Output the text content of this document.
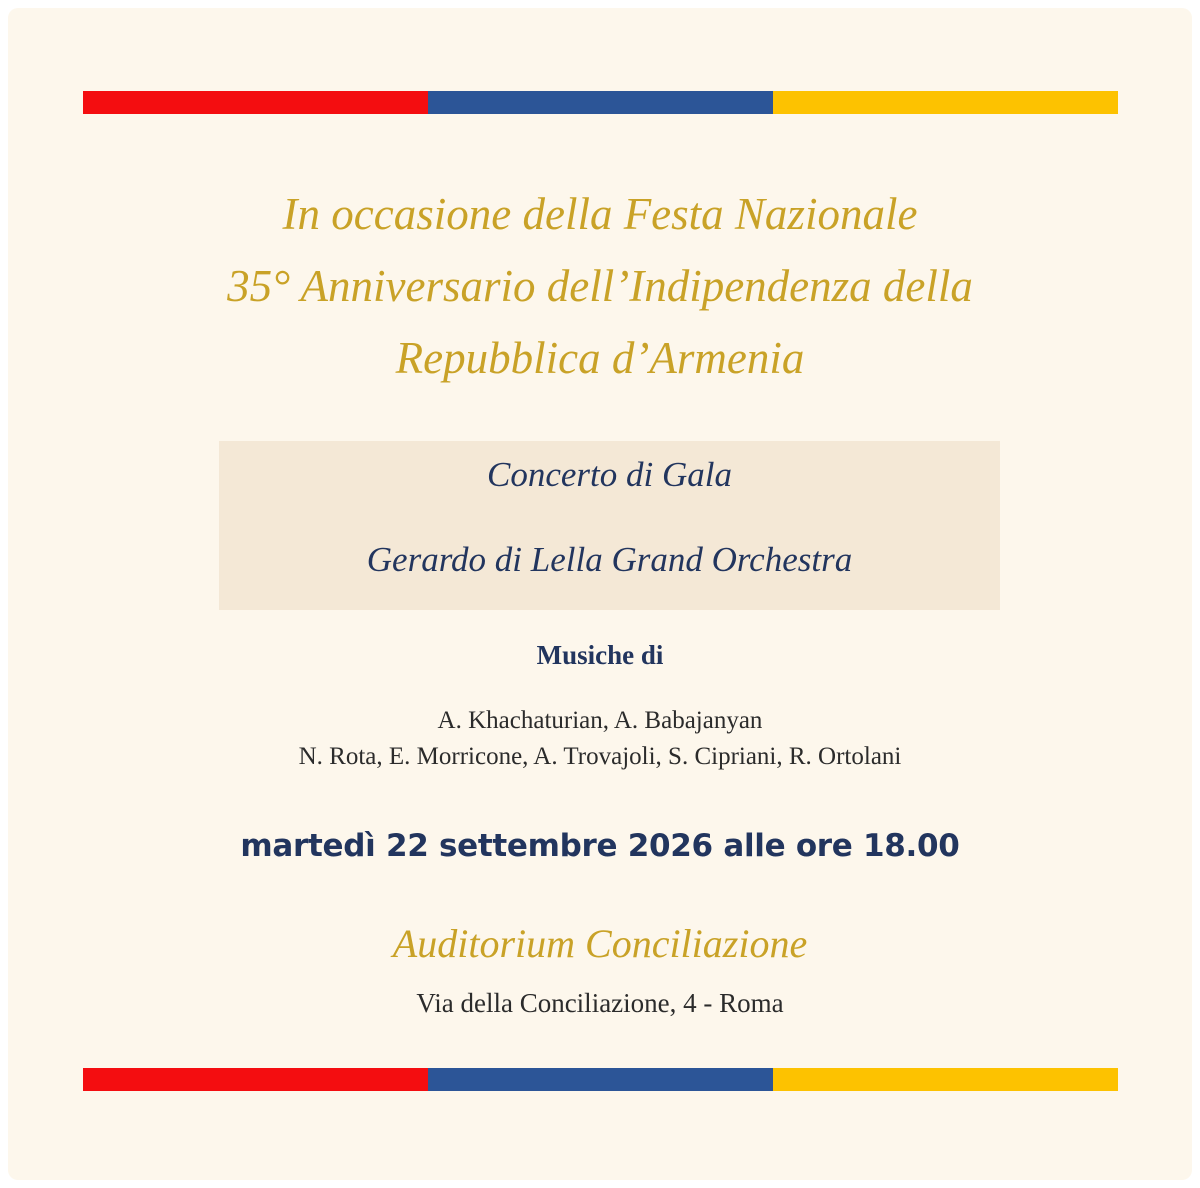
In occasione della Festa Nazionale
35° Anniversario dell’Indipendenza della
Repubblica d’Armenia
Concerto di Gala
Gerardo di Lella Grand Orchestra
Musiche di
A. Khachaturian, A. Babajanyan
N. Rota, E. Morricone, A. Trovajoli, S. Cipriani, R. Ortolani
martedì 22 settembre 2026 alle ore 18.00
Auditorium Conciliazione
Via della Conciliazione, 4 - Roma
